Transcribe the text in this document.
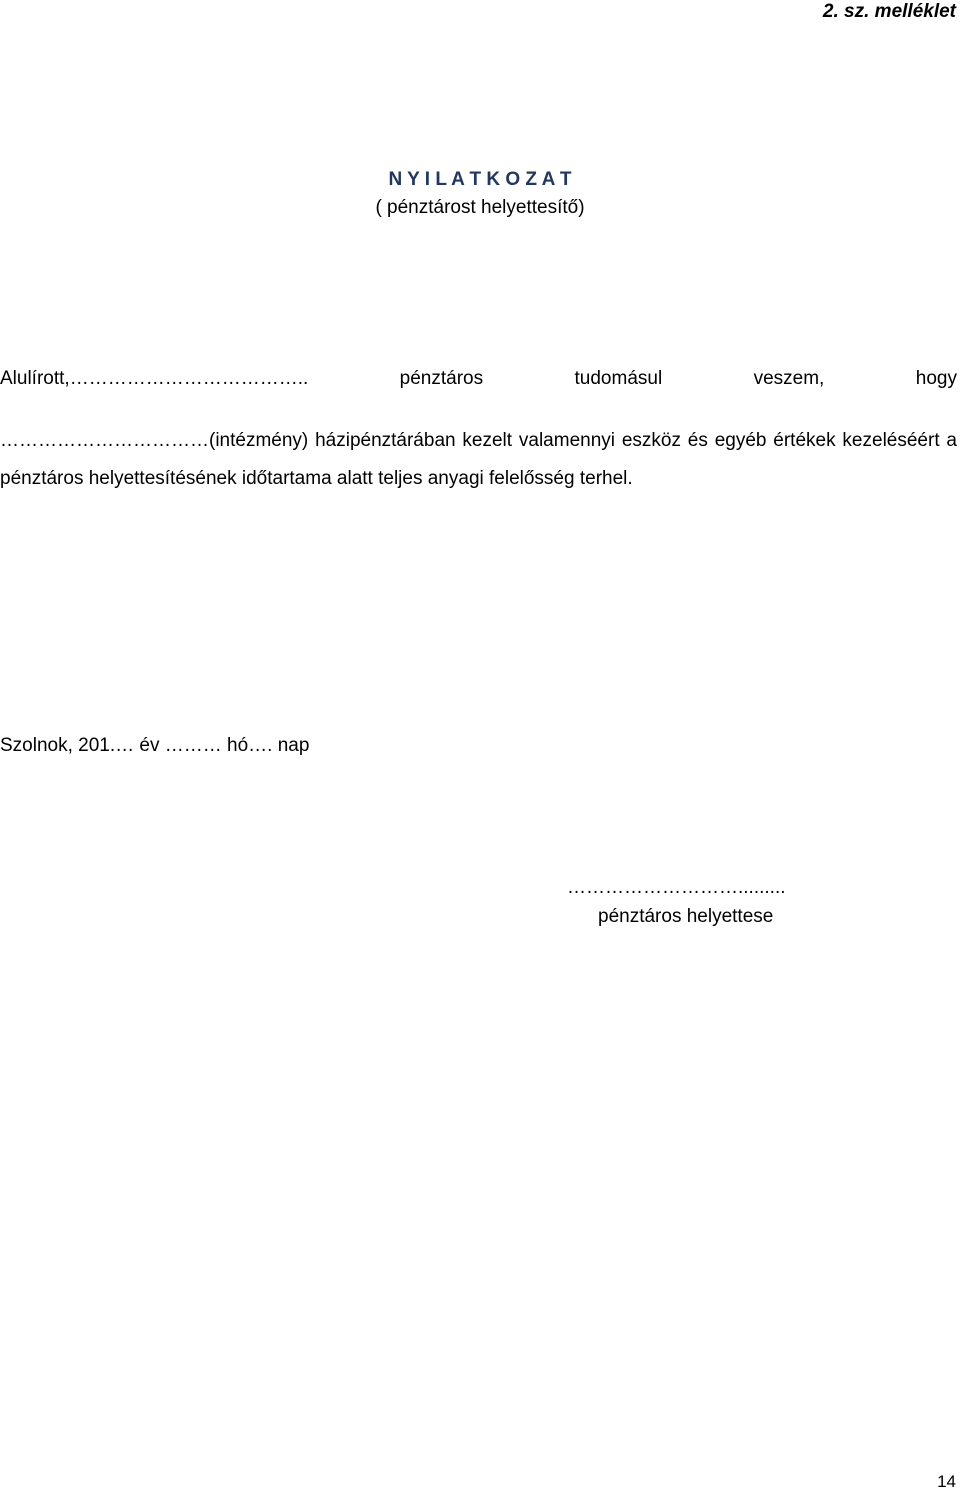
2. sz. melléklet
N Y I L A T K O Z A T
( pénztárost helyettesítő)
Alulírott,………………………………..	pénztáros	tudomásul	veszem,	hogy
……………………………(intézmény) házipénztárában kezelt valamennyi eszköz és egyéb értékek kezeléséért a pénztáros helyettesítésének időtartama alatt teljes anyagi felelősség terhel.
Szolnok, 201.… év ……… hó…. nap
……………………….........
pénztáros helyettese
14
